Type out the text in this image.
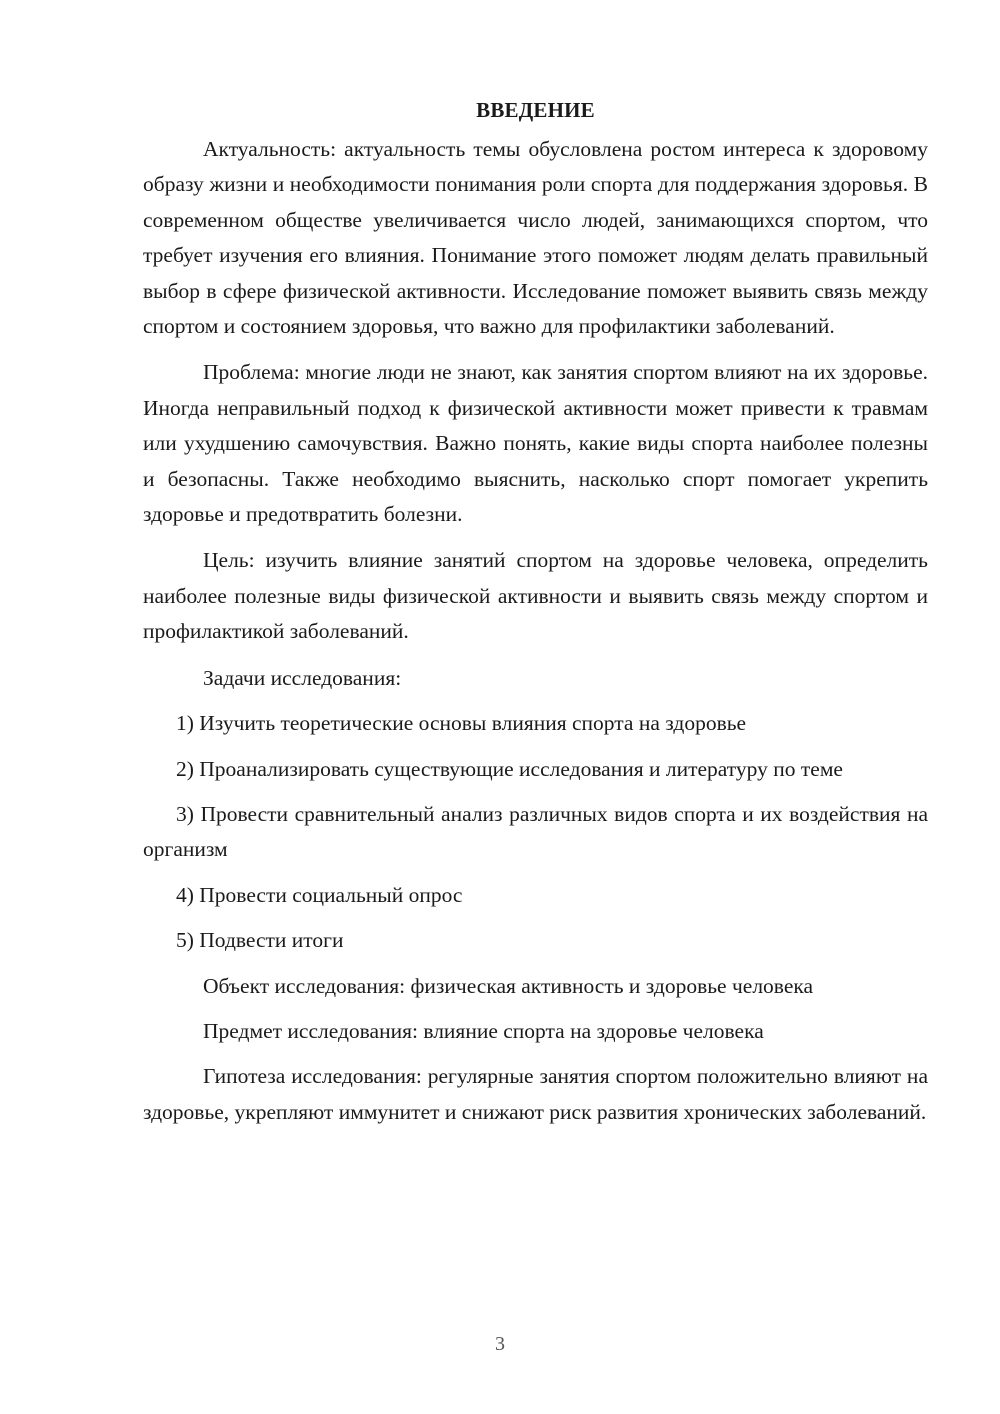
ВВЕДЕНИЕ

Актуальность: актуальность темы обусловлена ростом интереса к здоровому образу жизни и необходимости понимания роли спорта для поддержания здоровья. В современном обществе увеличивается число людей, занимающихся спортом, что требует изучения его влияния. Понимание этого поможет людям делать правильный выбор в сфере физической активности. Исследование поможет выявить связь между спортом и состоянием здоровья, что важно для профилактики заболеваний.

Проблема: многие люди не знают, как занятия спортом влияют на их здоровье. Иногда неправильный подход к физической активности может привести к травмам или ухудшению самочувствия. Важно понять, какие виды спорта наиболее полезны и безопасны. Также необходимо выяснить, насколько спорт помогает укрепить здоровье и предотвратить болезни.

Цель: изучить влияние занятий спортом на здоровье человека, определить наиболее полезные виды физической активности и выявить связь между спортом и профилактикой заболеваний.

Задачи исследования:

1) Изучить теоретические основы влияния спорта на здоровье

2) Проанализировать существующие исследования и литературу по теме

3) Провести сравнительный анализ различных видов спорта и их воздействия на организм

4) Провести социальный опрос

5) Подвести итоги

Объект исследования: физическая активность и здоровье человека

Предмет исследования: влияние спорта на здоровье человека

Гипотеза исследования: регулярные занятия спортом положительно влияют на здоровье, укрепляют иммунитет и снижают риск развития хронических заболеваний.

3
